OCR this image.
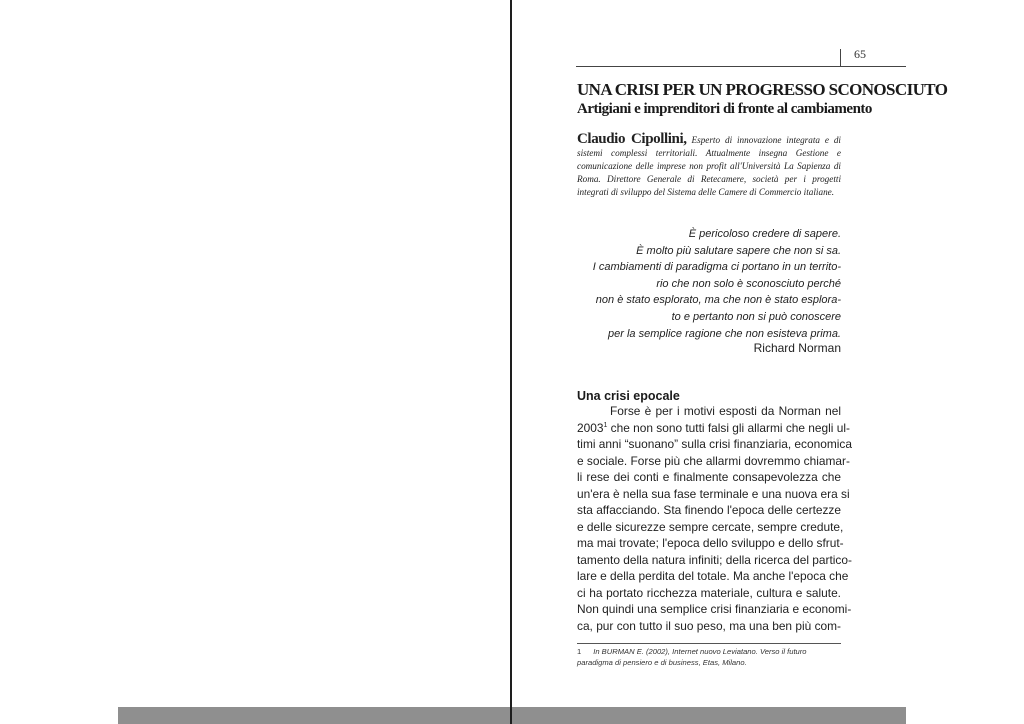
65
UNA CRISI PER UN PROGRESSO SCONOSCIUTO
Artigiani e imprenditori di fronte al cambiamento
Claudio Cipollini, Esperto di innovazione integrata e di sistemi complessi territoriali. Attualmente insegna Gestione e comunicazione delle imprese non profit all'Università La Sapienza di Roma. Direttore Generale di Retecamere, società per i progetti integrati di sviluppo del Sistema delle Camere di Commercio italiane.
È pericoloso credere di sapere.
È molto più salutare sapere che non si sa.
I cambiamenti di paradigma ci portano in un territo-
rio che non solo è sconosciuto perché
non è stato esplorato, ma che non è stato esplora-
to e pertanto non si può conoscere
per la semplice ragione che non esisteva prima.
Richard Norman
Una crisi epocale
Forse è per i motivi esposti da Norman nel
2003$^1$ che non sono tutti falsi gli allarmi che negli ul-
timi anni “suonano” sulla crisi finanziaria, economica
e sociale. Forse più che allarmi dovremmo chiamar-
li rese dei conti e finalmente consapevolezza che
un'era è nella sua fase terminale e una nuova era si
sta affacciando. Sta finendo l'epoca delle certezze
e delle sicurezze sempre cercate, sempre credute,
ma mai trovate; l'epoca dello sviluppo e dello sfrut-
tamento della natura infiniti; della ricerca del partico-
lare e della perdita del totale. Ma anche l'epoca che
ci ha portato ricchezza materiale, cultura e salute.
Non quindi una semplice crisi finanziaria e economi-
ca, pur con tutto il suo peso, ma una ben più com-
1 In BURMAN E. (2002), Internet nuovo Leviatano. Verso il futuro paradigma di pensiero e di business, Etas, Milano.
